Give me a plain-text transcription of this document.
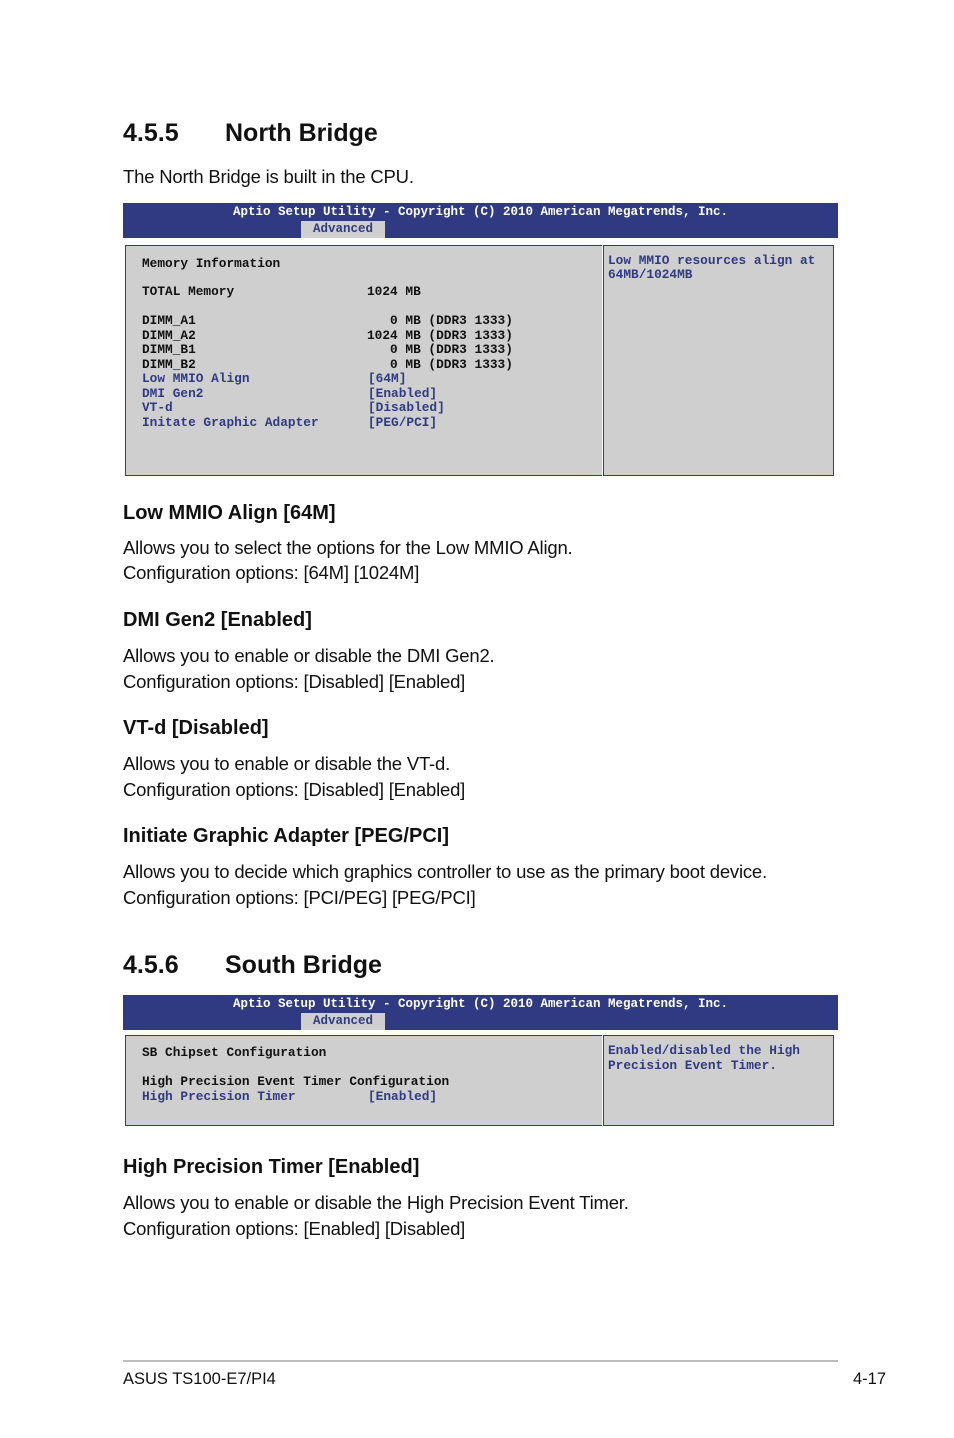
4.5.5 North Bridge
The North Bridge is built in the CPU.
Aptio Setup Utility - Copyright (C) 2010 American Megatrends, Inc.
Advanced
Memory Information
TOTAL Memory	1024 MB
DIMM_A1	0 MB (DDR3 1333)
DIMM_A2	1024 MB (DDR3 1333)
DIMM_B1	0 MB (DDR3 1333)
DIMM_B2	0 MB (DDR3 1333)
Low MMIO Align	[64M]
DMI Gen2	[Enabled]
VT-d	[Disabled]
Initate Graphic Adapter	[PEG/PCI]
Low MMIO resources align at
64MB/1024MB
Low MMIO Align [64M]
Allows you to select the options for the Low MMIO Align.
Configuration options: [64M] [1024M]
DMI Gen2 [Enabled]
Allows you to enable or disable the DMI Gen2.
Configuration options: [Disabled] [Enabled]
VT-d [Disabled]
Allows you to enable or disable the VT-d.
Configuration options: [Disabled] [Enabled]
Initiate Graphic Adapter [PEG/PCI]
Allows you to decide which graphics controller to use as the primary boot device.
Configuration options: [PCI/PEG] [PEG/PCI]
4.5.6 South Bridge
Aptio Setup Utility - Copyright (C) 2010 American Megatrends, Inc.
Advanced
SB Chipset Configuration
High Precision Event Timer Configuration
High Precision Timer	[Enabled]
Enabled/disabled the High
Precision Event Timer.
High Precision Timer [Enabled]
Allows you to enable or disable the High Precision Event Timer.
Configuration options: [Enabled] [Disabled]
ASUS TS100-E7/PI4	4-17
